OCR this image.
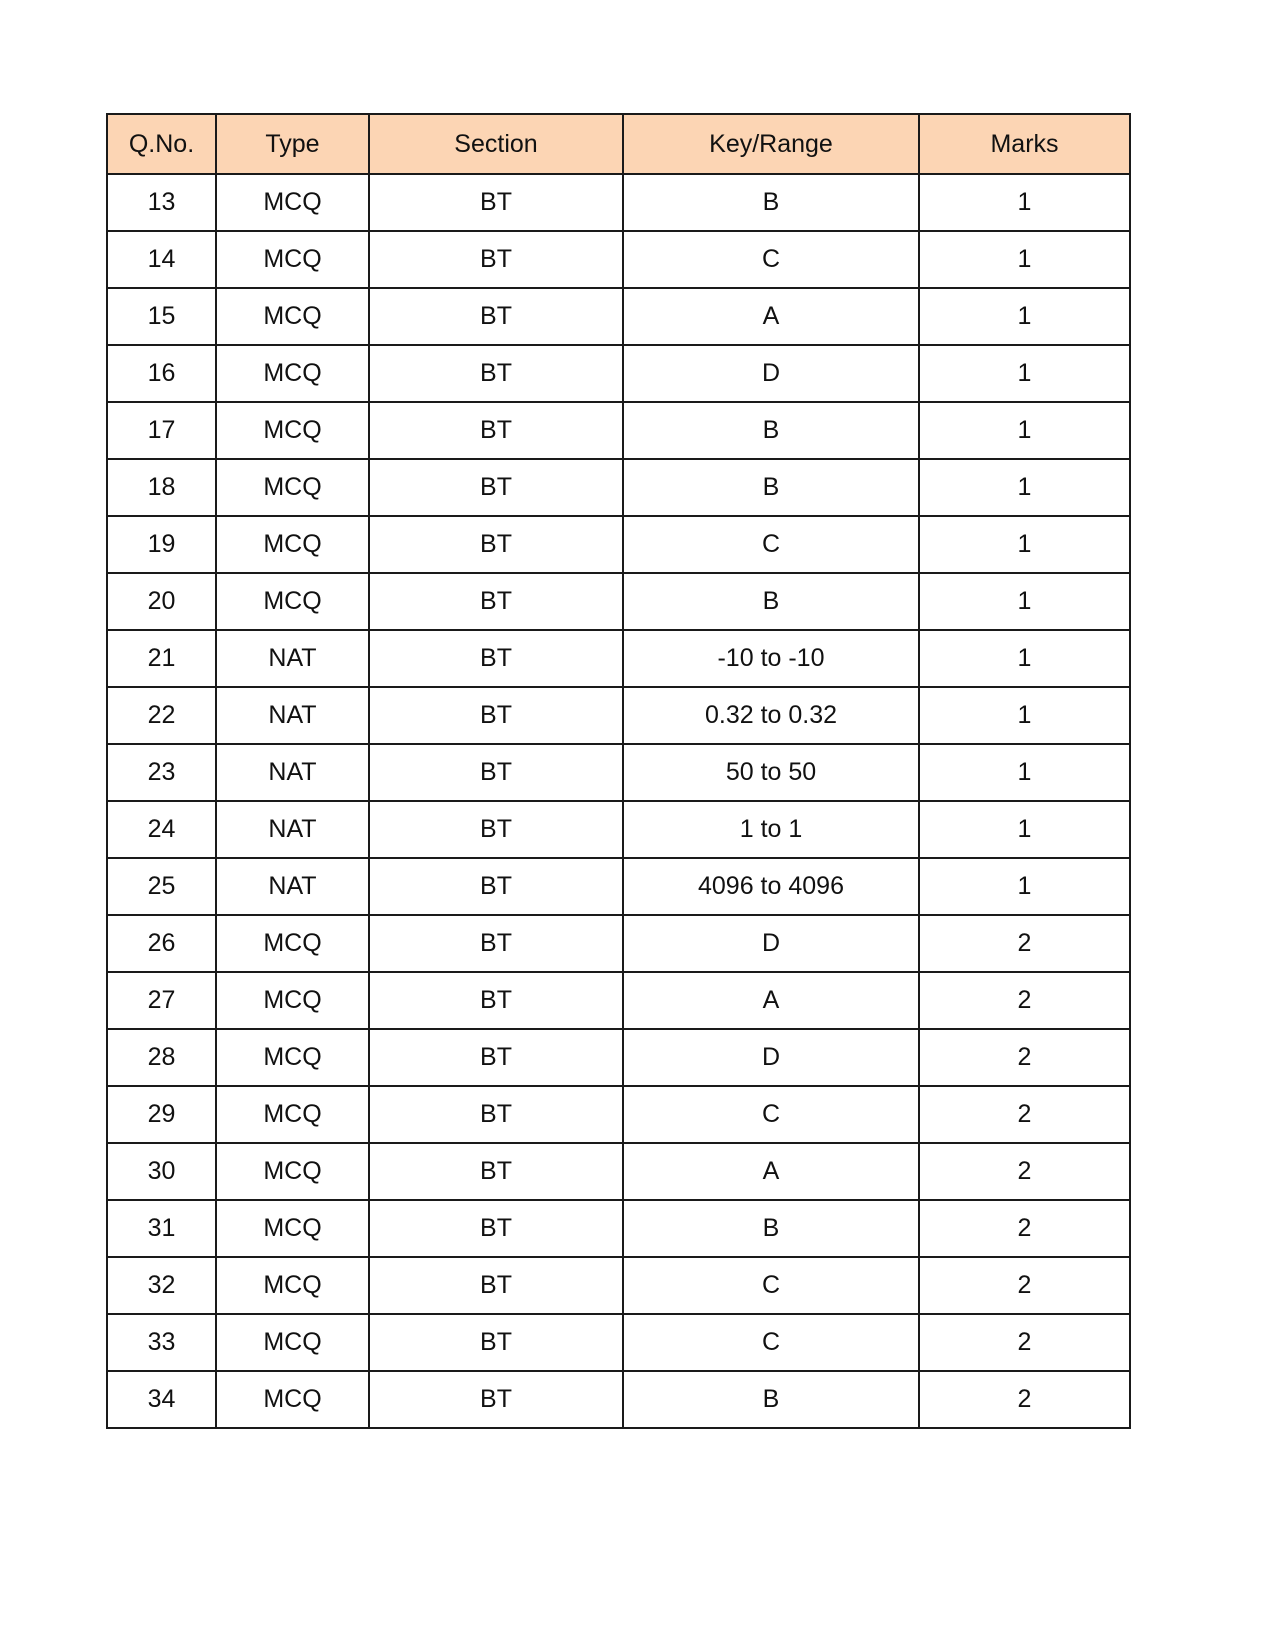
Q.No.	Type	Section	Key/Range	Marks
13	MCQ	BT	B	1
14	MCQ	BT	C	1
15	MCQ	BT	A	1
16	MCQ	BT	D	1
17	MCQ	BT	B	1
18	MCQ	BT	B	1
19	MCQ	BT	C	1
20	MCQ	BT	B	1
21	NAT	BT	-10 to -10	1
22	NAT	BT	0.32 to 0.32	1
23	NAT	BT	50 to 50	1
24	NAT	BT	1 to 1	1
25	NAT	BT	4096 to 4096	1
26	MCQ	BT	D	2
27	MCQ	BT	A	2
28	MCQ	BT	D	2
29	MCQ	BT	C	2
30	MCQ	BT	A	2
31	MCQ	BT	B	2
32	MCQ	BT	C	2
33	MCQ	BT	C	2
34	MCQ	BT	B	2
